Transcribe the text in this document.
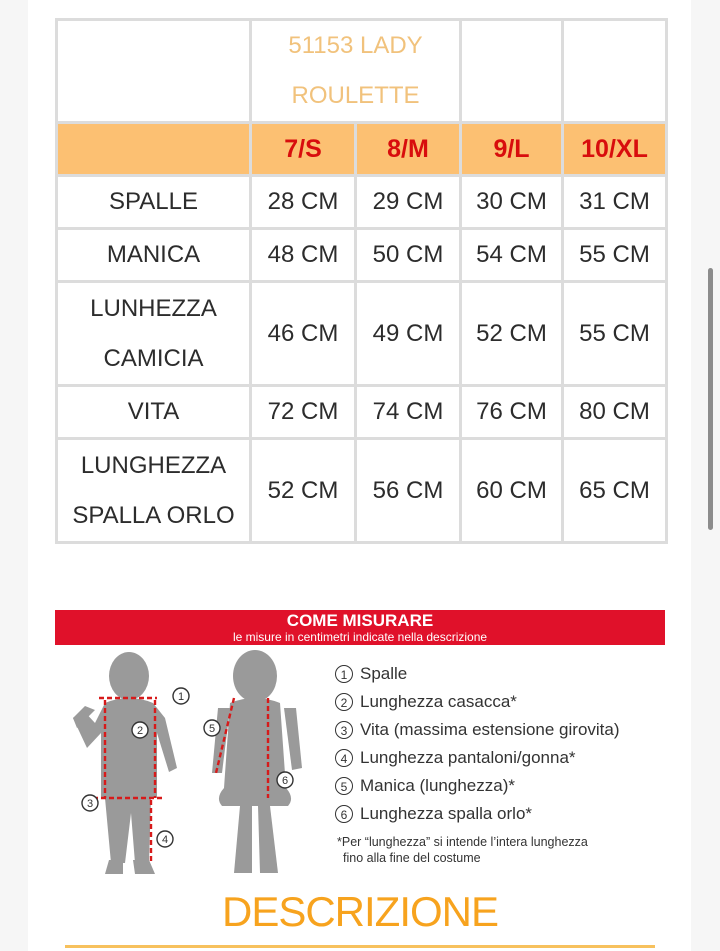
	51153 LADY
ROULETTE			

	7/S	8/M	9/L	10/XL
SPALLE	28 CM	29 CM	30 CM	31 CM
MANICA	48 CM	50 CM	54 CM	55 CM

LUNHEZZA
CAMICIA	46 CM	49 CM	52 CM	55 CM
VITA	72 CM	74 CM	76 CM	80 CM

LUNGHEZZA
SPALLA ORLO	52 CM	56 CM	60 CM	65 CM
COME MISURARE
le misure in centimetri indicate nella descrizione
1
2
3
4
5
6
1 Spalle
2 Lunghezza casacca*
3 Vita (massima estensione girovita)
4 Lunghezza pantaloni/gonna*
5 Manica (lunghezza)*
6 Lunghezza spalla orlo*
*Per “lunghezza” si intende l’intera lunghezza
fino alla fine del costume
DESCRIZIONE
